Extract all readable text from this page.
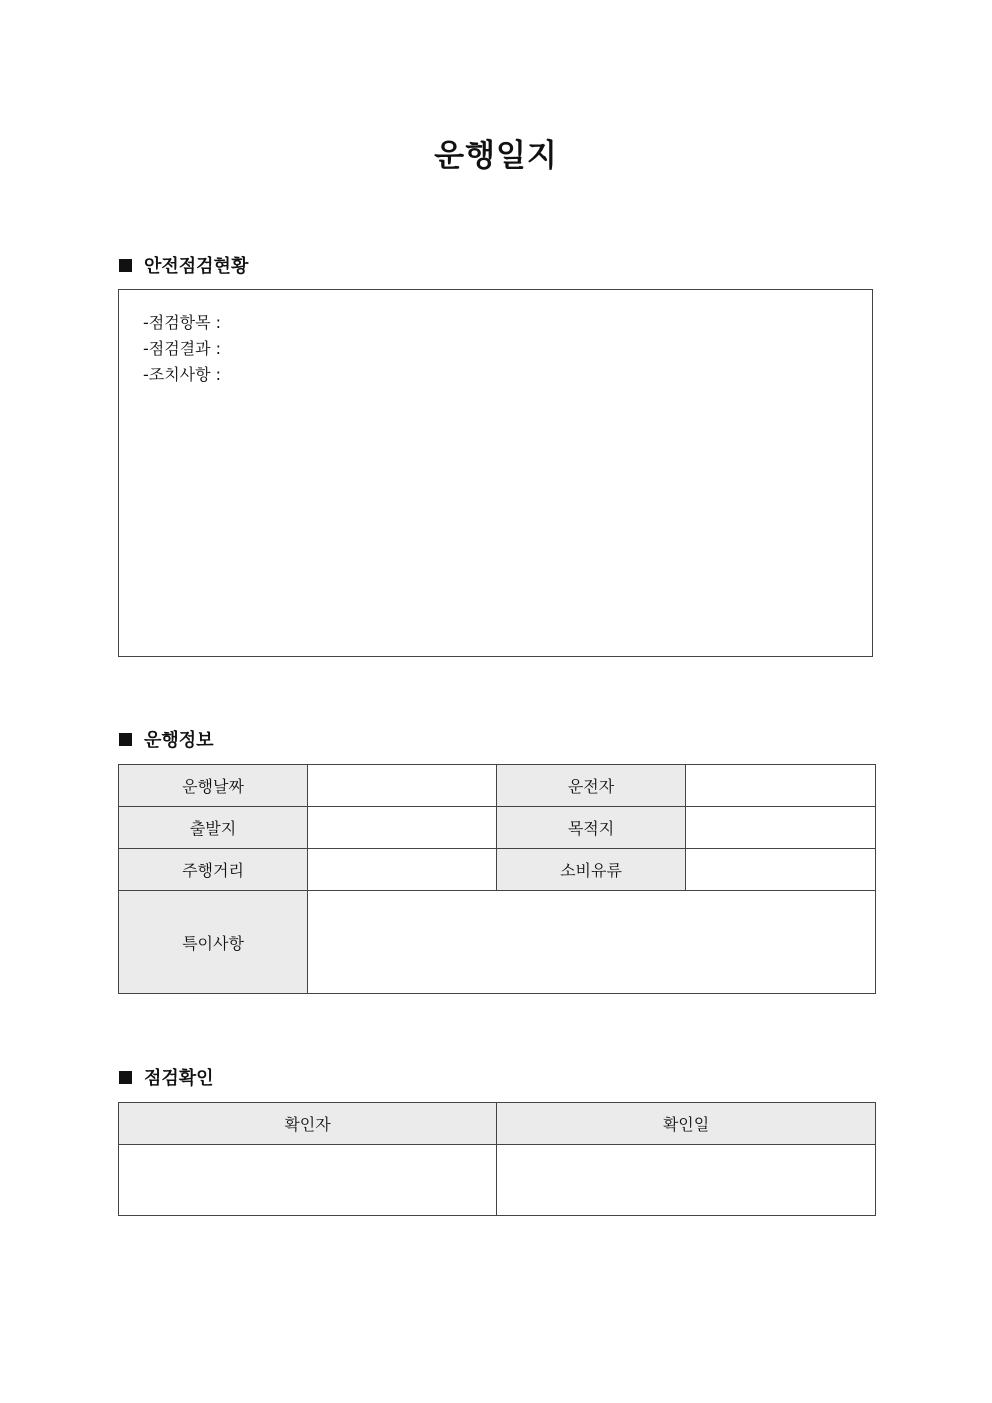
운행일지
안전점검현황
-점검항목 :
-점검결과 :
-조치사항 :
운행정보
운행날짜		운전자	
출발지		목적지	
주행거리		소비유류	
특이사항			
점검확인
확인자	확인일
